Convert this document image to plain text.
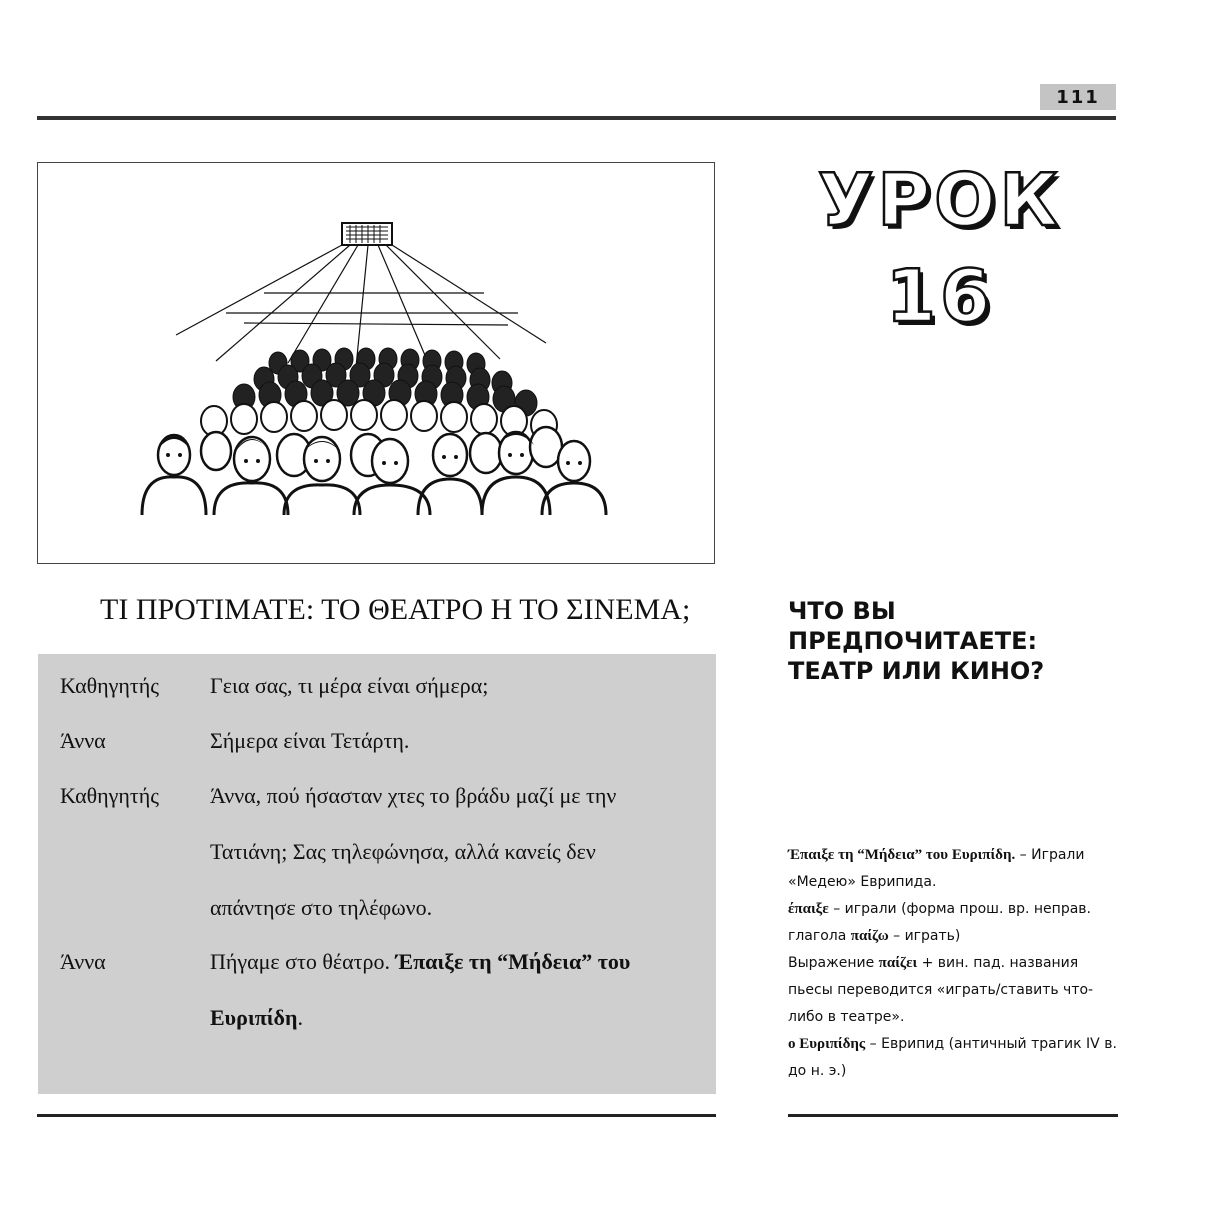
111
УРОК
16
ΤΙ ΠΡΟΤΙΜΑΤΕ: ΤΟ ΘΕΑΤΡΟ Η ΤΟ ΣΙΝΕΜΑ;	ЧТО ВЫ ПРЕДПОЧИТАЕТЕ: ТЕАТР ИЛИ КИНО?
Καθηγητής Γεια σας, τι μέρα είναι σήμερα;
Άννα	Σήμερα είναι Τετάρτη.
Καθηγητής Άννα, πού ήσασταν χτες το βράδυ μαζί με την
Τατιάνη; Σας τηλεφώνησα, αλλά κανείς δεν
απάντησε στο τηλέφωνο.
Άννα	Πήγαμε στο θέατρο. Έπαιξε τη “Μήδεια” του
Ευριπίδη.
Έπαιξε τη “Μήδεια” του Ευριπίδη. – Играли «Медею» Еврипида.
έπαιξε – играли (форма прош. вр. неправ. глагола παίζω – играть)
Выражение παίζει + вин. пад. названия пьесы переводится «играть/ставить что-либо в театре».
ο Ευριπίδης – Еврипид (античный трагик IV в. до н. э.)
